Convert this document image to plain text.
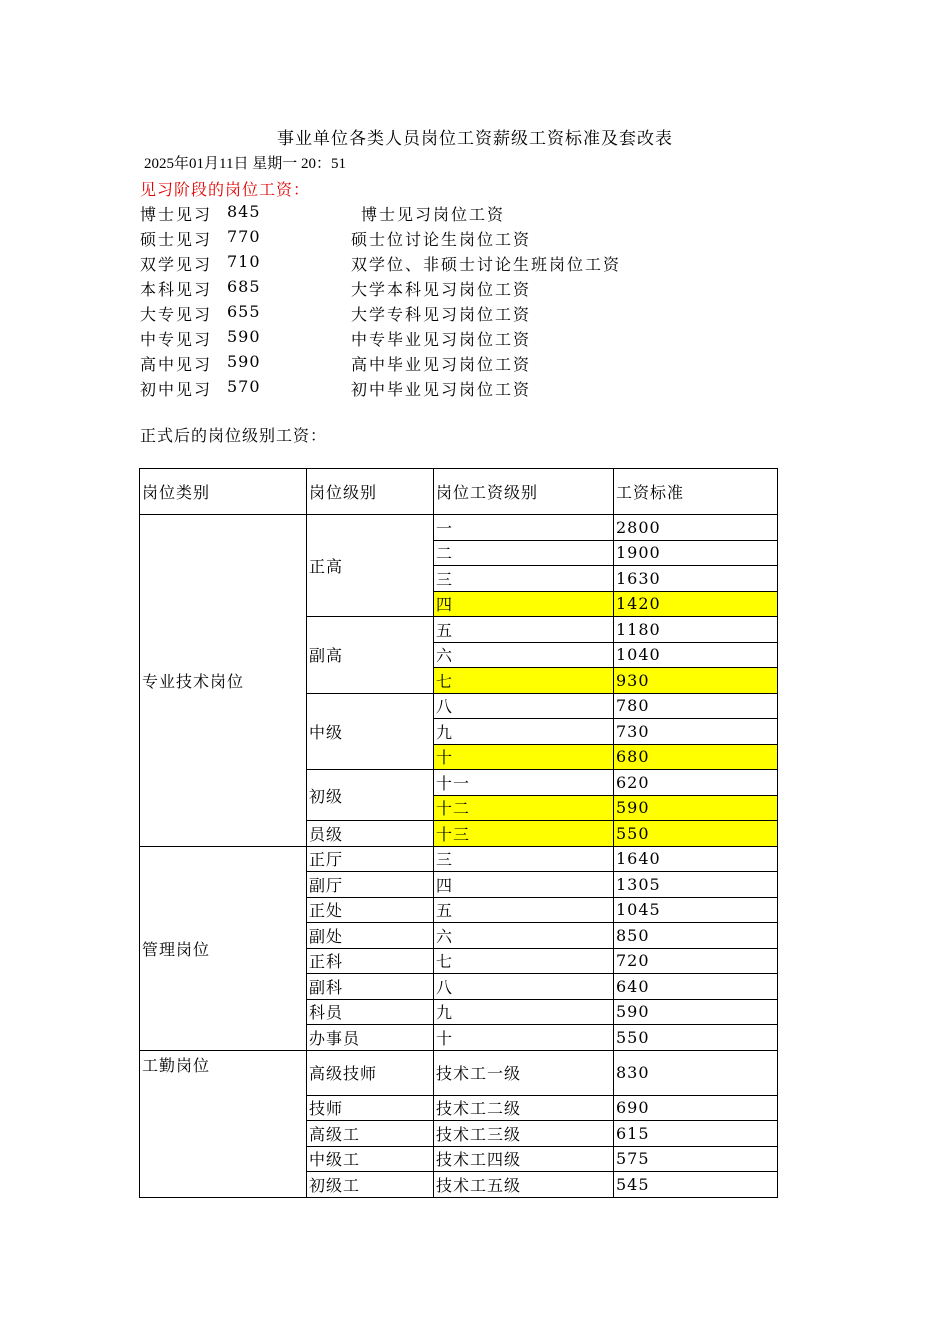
事业单位各类人员岗位工资薪级工资标准及套改表
2025年01月11日 星期一 20：51
见习阶段的岗位工资：
博士见习 845	博士见习岗位工资
硕士见习 770	硕士位讨论生岗位工资
双学见习 710	双学位、非硕士讨论生班岗位工资
本科见习 685	大学本科见习岗位工资
大专见习 655	大学专科见习岗位工资
中专见习 590	中专毕业见习岗位工资
高中见习 590	高中毕业见习岗位工资
初中见习 570	初中毕业见习岗位工资
正式后的岗位级别工资：
岗位类别	岗位级别	岗位工资级别	工资标准
专业技术岗位	正高	一	2800
		二	1900
		三	1630
		四	1420
	副高	五	1180
		六	1040
		七	930
	中级	八	780
		九	730
		十	680
	初级	十一	620
		十二	590
	员级	十三	550
管理岗位	正厅	三	1640
	副厅	四	1305
	正处	五	1045
	副处	六	850
	正科	七	720
	副科	八	640
	科员	九	590
	办事员	十	550
工勤岗位	高级技师	技术工一级	830
	技师	技术工二级	690
	高级工	技术工三级	615
	中级工	技术工四级	575
	初级工	技术工五级	545
